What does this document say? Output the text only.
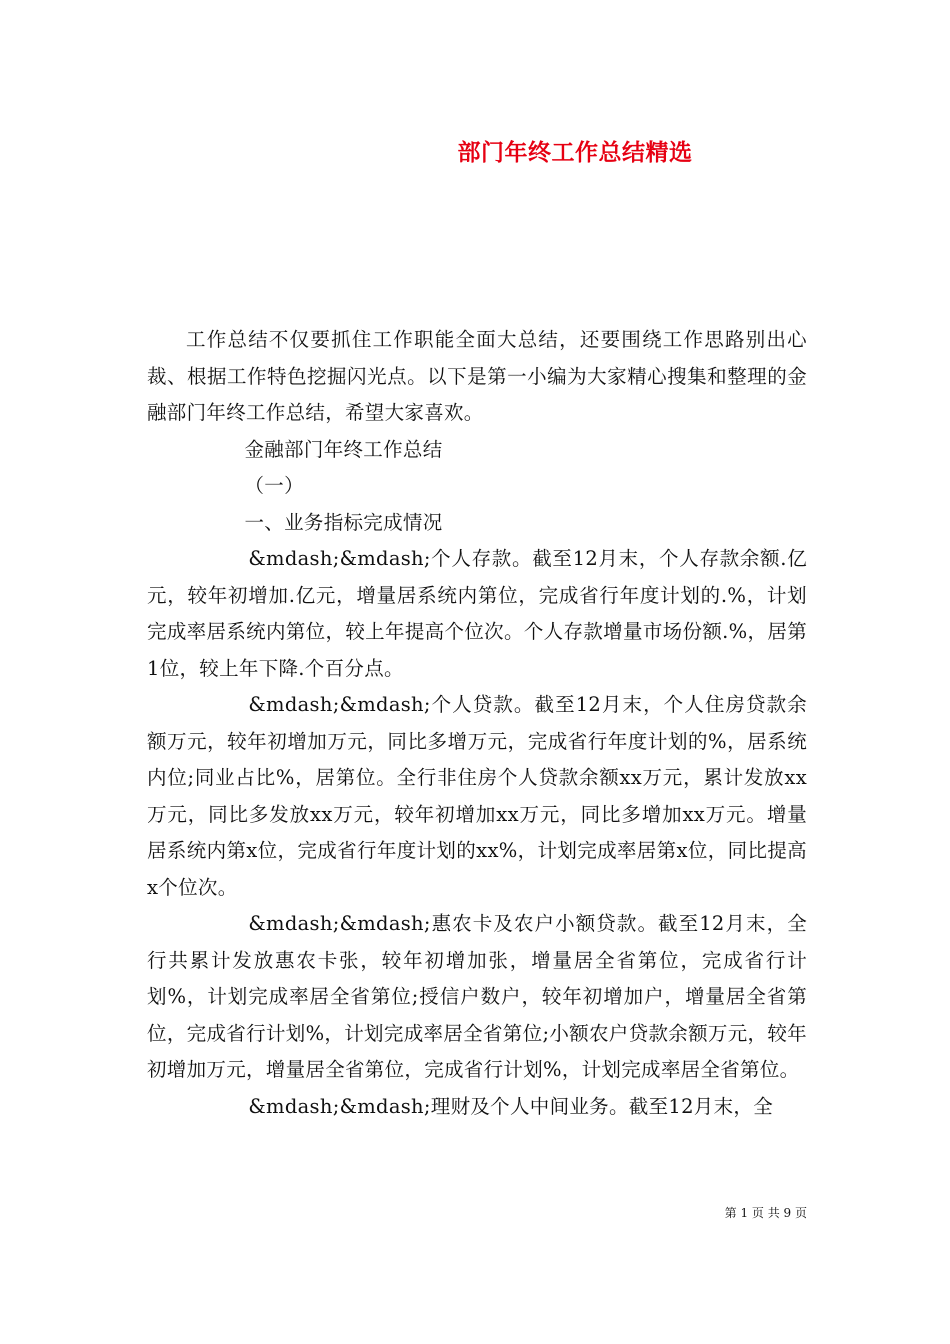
部门年终工作总结精选

工作总结不仅要抓住工作职能全面大总结，还要围绕工作思路别出心裁、根据工作特色挖掘闪光点。以下是第一小编为大家精心搜集和整理的金融部门年终工作总结，希望大家喜欢。

金融部门年终工作总结

（一）

一、业务指标完成情况

&mdash;&mdash;个人存款。截至12月末，个人存款余额.亿元，较年初增加.亿元，增量居系统内第位，完成省行年度计划的.%，计划完成率居系统内第位，较上年提高个位次。个人存款增量市场份额.%，居第1位，较上年下降.个百分点。

&mdash;&mdash;个人贷款。截至12月末，个人住房贷款余额万元，较年初增加万元，同比多增万元，完成省行年度计划的%，居系统内位;同业占比%，居第位。全行非住房个人贷款余额xx万元，累计发放xx万元，同比多发放xx万元，较年初增加xx万元，同比多增加xx万元。增量居系统内第x位，完成省行年度计划的xx%，计划完成率居第x位，同比提高x个位次。

&mdash;&mdash;惠农卡及农户小额贷款。截至12月末，全行共累计发放惠农卡张，较年初增加张，增量居全省第位，完成省行计划%，计划完成率居全省第位;授信户数户，较年初增加户，增量居全省第位，完成省行计划%，计划完成率居全省第位;小额农户贷款余额万元，较年初增加万元，增量居全省第位，完成省行计划%，计划完成率居全省第位。

&mdash;&mdash;理财及个人中间业务。截至12月末，全

第 1 页 共 9 页
